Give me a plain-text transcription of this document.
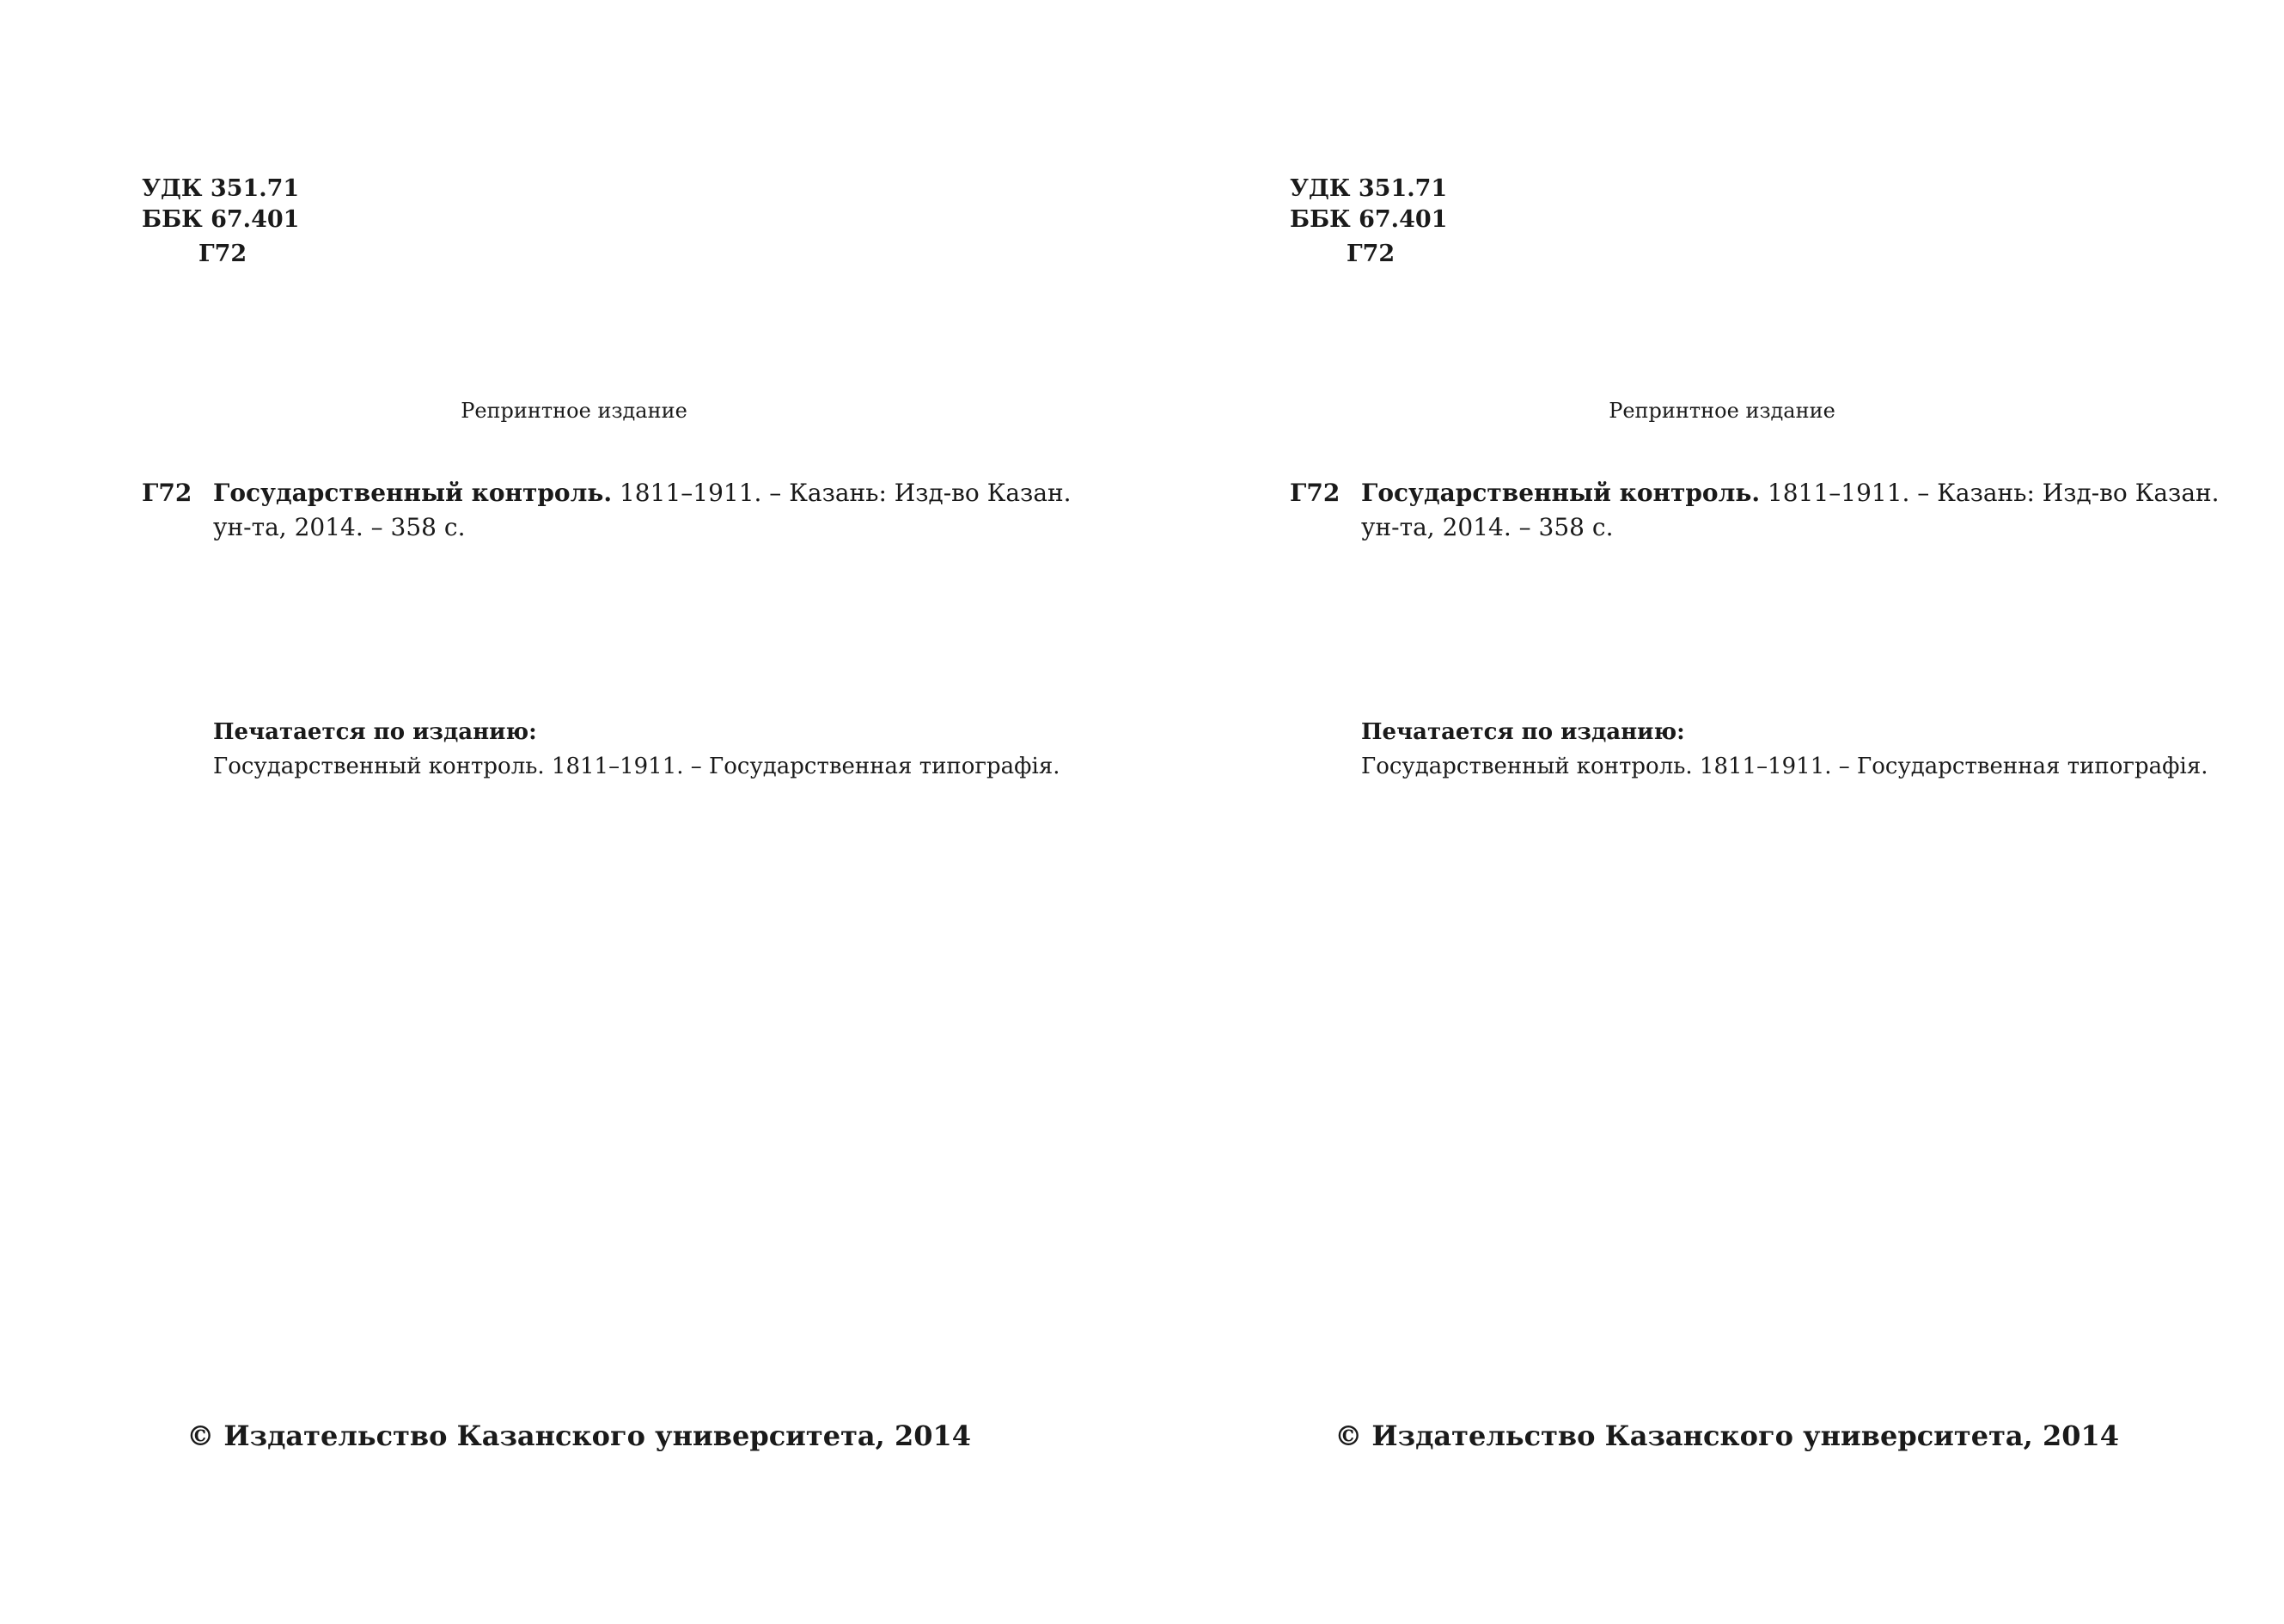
УДК 351.71
ББК 67.401
Г72
Репринтное издание
Г72 Государственный контроль. 1811–1911. – Казань: Изд-во Казан.
ун-та, 2014. – 358 с.
Печатается по изданию:
Государственный контроль. 1811–1911. – Государственная типографія.
© Издательство Казанского университета, 2014
УДК 351.71
ББК 67.401
Г72
Репринтное издание
Г72 Государственный контроль. 1811–1911. – Казань: Изд-во Казан.
ун-та, 2014. – 358 с.
Печатается по изданию:
Государственный контроль. 1811–1911. – Государственная типографія.
© Издательство Казанского университета, 2014
